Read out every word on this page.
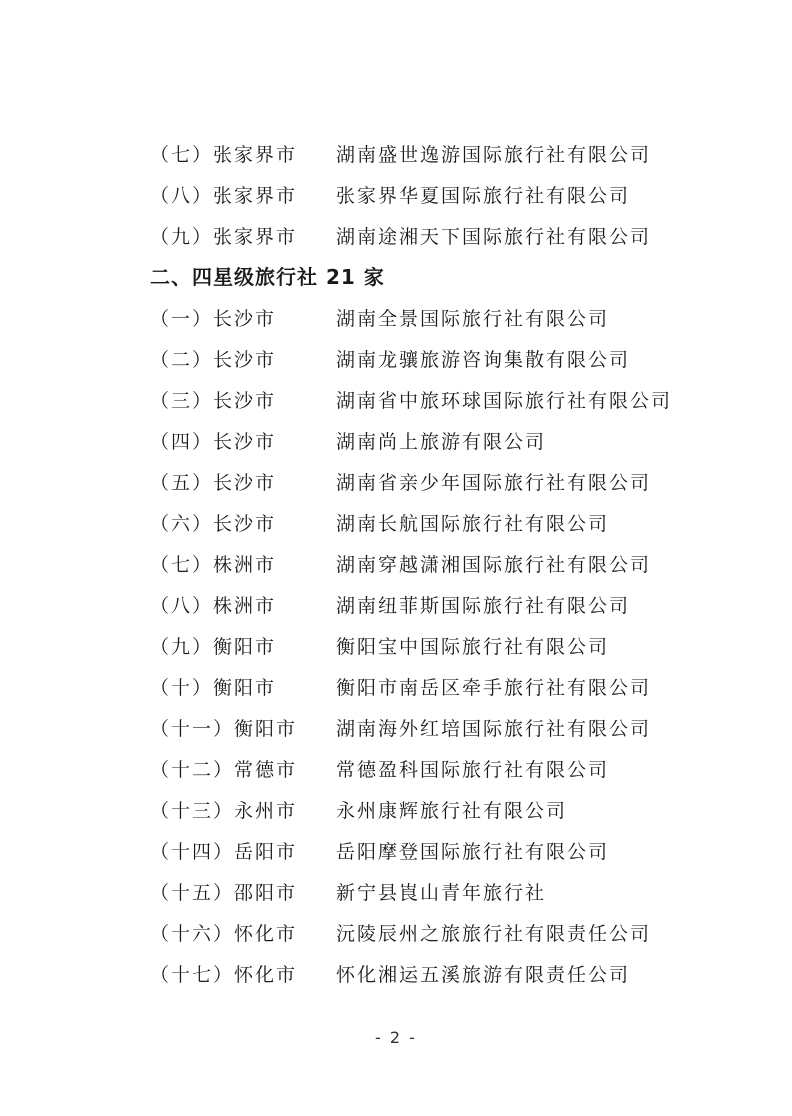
（七）张家界市 湖南盛世逸游国际旅行社有限公司
（八）张家界市 张家界华夏国际旅行社有限公司
（九）张家界市 湖南途湘天下国际旅行社有限公司
二、四星级旅行社 21 家
（一）长沙市	湖南全景国际旅行社有限公司
（二）长沙市	湖南龙骧旅游咨询集散有限公司
（三）长沙市	湖南省中旅环球国际旅行社有限公司
（四）长沙市	湖南尚上旅游有限公司
（五）长沙市	湖南省亲少年国际旅行社有限公司
（六）长沙市	湖南长航国际旅行社有限公司
（七）株洲市	湖南穿越潇湘国际旅行社有限公司
（八）株洲市	湖南纽菲斯国际旅行社有限公司
（九）衡阳市	衡阳宝中国际旅行社有限公司
（十）衡阳市	衡阳市南岳区牵手旅行社有限公司
（十一）衡阳市 湖南海外红培国际旅行社有限公司
（十二）常德市 常德盈科国际旅行社有限公司
（十三）永州市 永州康辉旅行社有限公司
（十四）岳阳市 岳阳摩登国际旅行社有限公司
（十五）邵阳市 新宁县崀山青年旅行社
（十六）怀化市 沅陵辰州之旅旅行社有限责任公司
（十七）怀化市 怀化湘运五溪旅游有限责任公司
- 2 -
